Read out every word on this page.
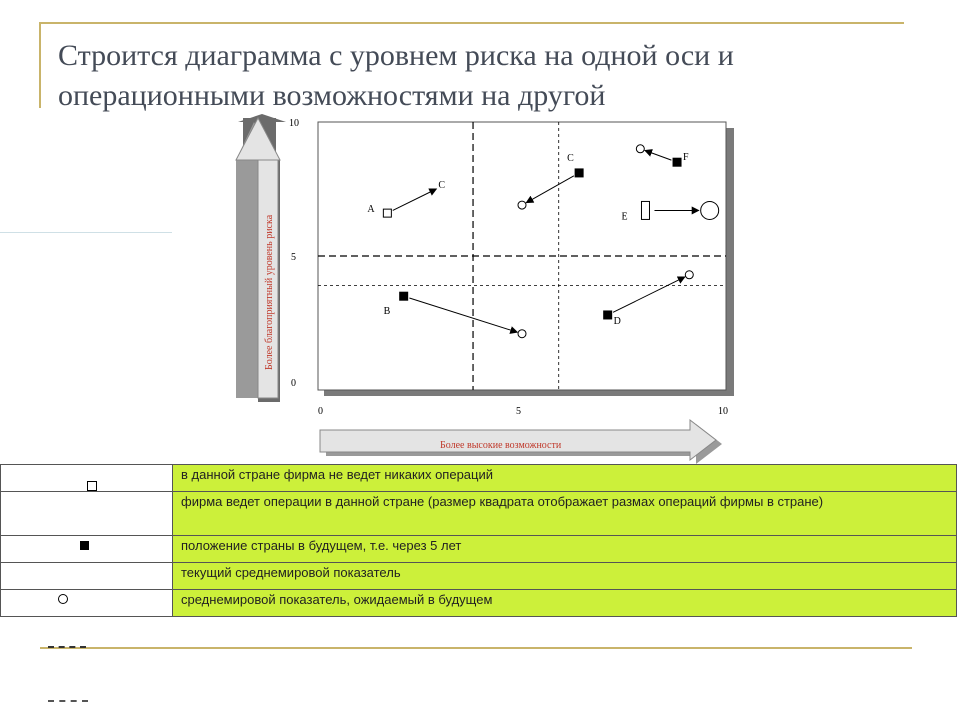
Строится диаграмма с уровнем риска на одной оси и
операционными возможностями на другой
Более благоприятный уровень риска
Более высокие возможности
0
5
10
0	5	10
A
C
C	F
E
B
D
	в данной стране фирма не ведет никаких операций
	фирма ведет операции в данной стране (размер квадрата отображает размах операций фирмы в стране)

	положение страны в будущем, т.е. через 5 лет
	текущий среднемировой показатель

	среднемировой показатель, ожидаемый в будущем
